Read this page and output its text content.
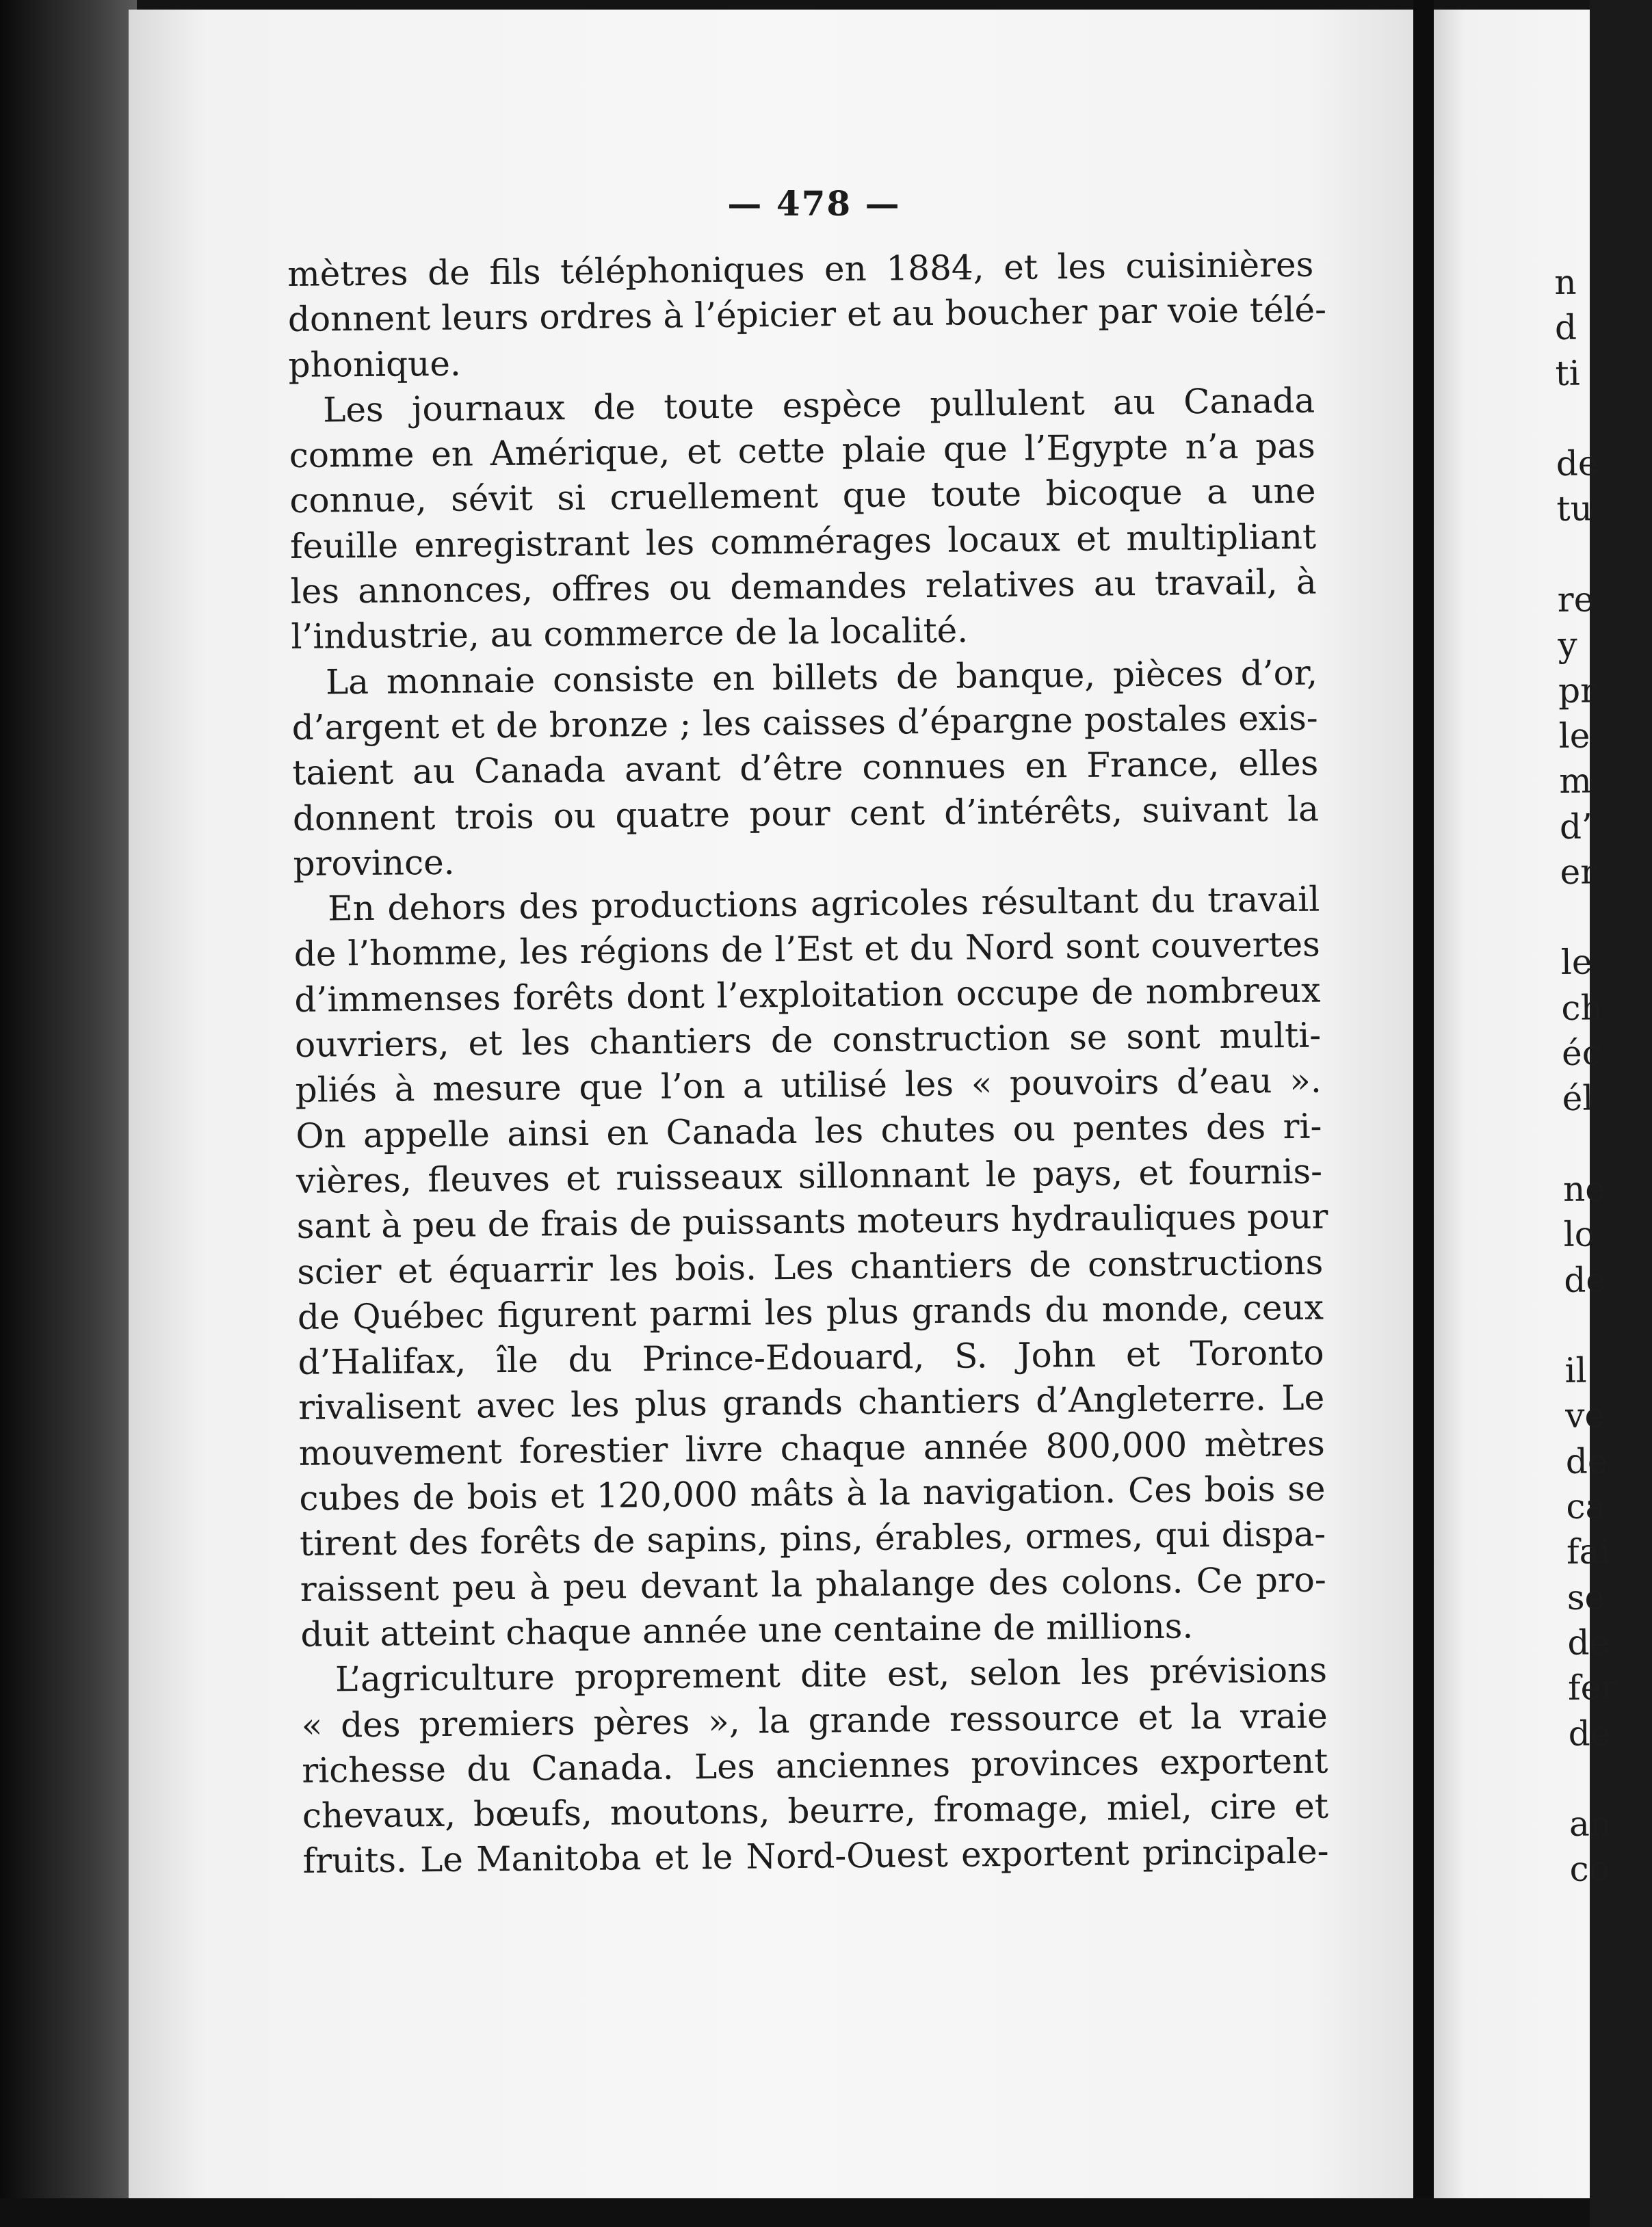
— 478 —
mètres de fils téléphoniques en 1884, et les cuisinières
donnent leurs ordres à l’épicier et au boucher par voie télé-
phonique.
Les journaux de toute espèce pullulent au Canada
comme en Amérique, et cette plaie que l’Egypte n’a pas
connue, sévit si cruellement que toute bicoque a une
feuille enregistrant les commérages locaux et multipliant
les annonces, offres ou demandes relatives au travail, à
l’industrie, au commerce de la localité.
La monnaie consiste en billets de banque, pièces d’or,
d’argent et de bronze ; les caisses d’épargne postales exis-
taient au Canada avant d’être connues en France, elles
donnent trois ou quatre pour cent d’intérêts, suivant la
province.
En dehors des productions agricoles résultant du travail
de l’homme, les régions de l’Est et du Nord sont couvertes
d’immenses forêts dont l’exploitation occupe de nombreux
ouvriers, et les chantiers de construction se sont multi-
pliés à mesure que l’on a utilisé les « pouvoirs d’eau ».
On appelle ainsi en Canada les chutes ou pentes des ri-
vières, fleuves et ruisseaux sillonnant le pays, et fournis-
sant à peu de frais de puissants moteurs hydrauliques pour
scier et équarrir les bois. Les chantiers de constructions
de Québec figurent parmi les plus grands du monde, ceux
d’Halifax, île du Prince-Edouard, S. John et Toronto
rivalisent avec les plus grands chantiers d’Angleterre. Le
mouvement forestier livre chaque année 800,000 mètres
cubes de bois et 120,000 mâts à la navigation. Ces bois se
tirent des forêts de sapins, pins, érables, ormes, qui dispa-
raissent peu à peu devant la phalange des colons. Ce pro-
duit atteint chaque année une centaine de millions.
L’agriculture proprement dite est, selon les prévisions
« des premiers pères », la grande ressource et la vraie
richesse du Canada. Les anciennes provinces exportent
chevaux, bœufs, moutons, beurre, fromage, miel, cire et
fruits. Le Manitoba et le Nord-Ouest exportent principale-
n
d
ti
de
tu
re
y
pr
le
m
d’
er
le
ch
éc
él
ne
lo
de
il
ve
de
ca
fai
se
de
fer
de
an
co
